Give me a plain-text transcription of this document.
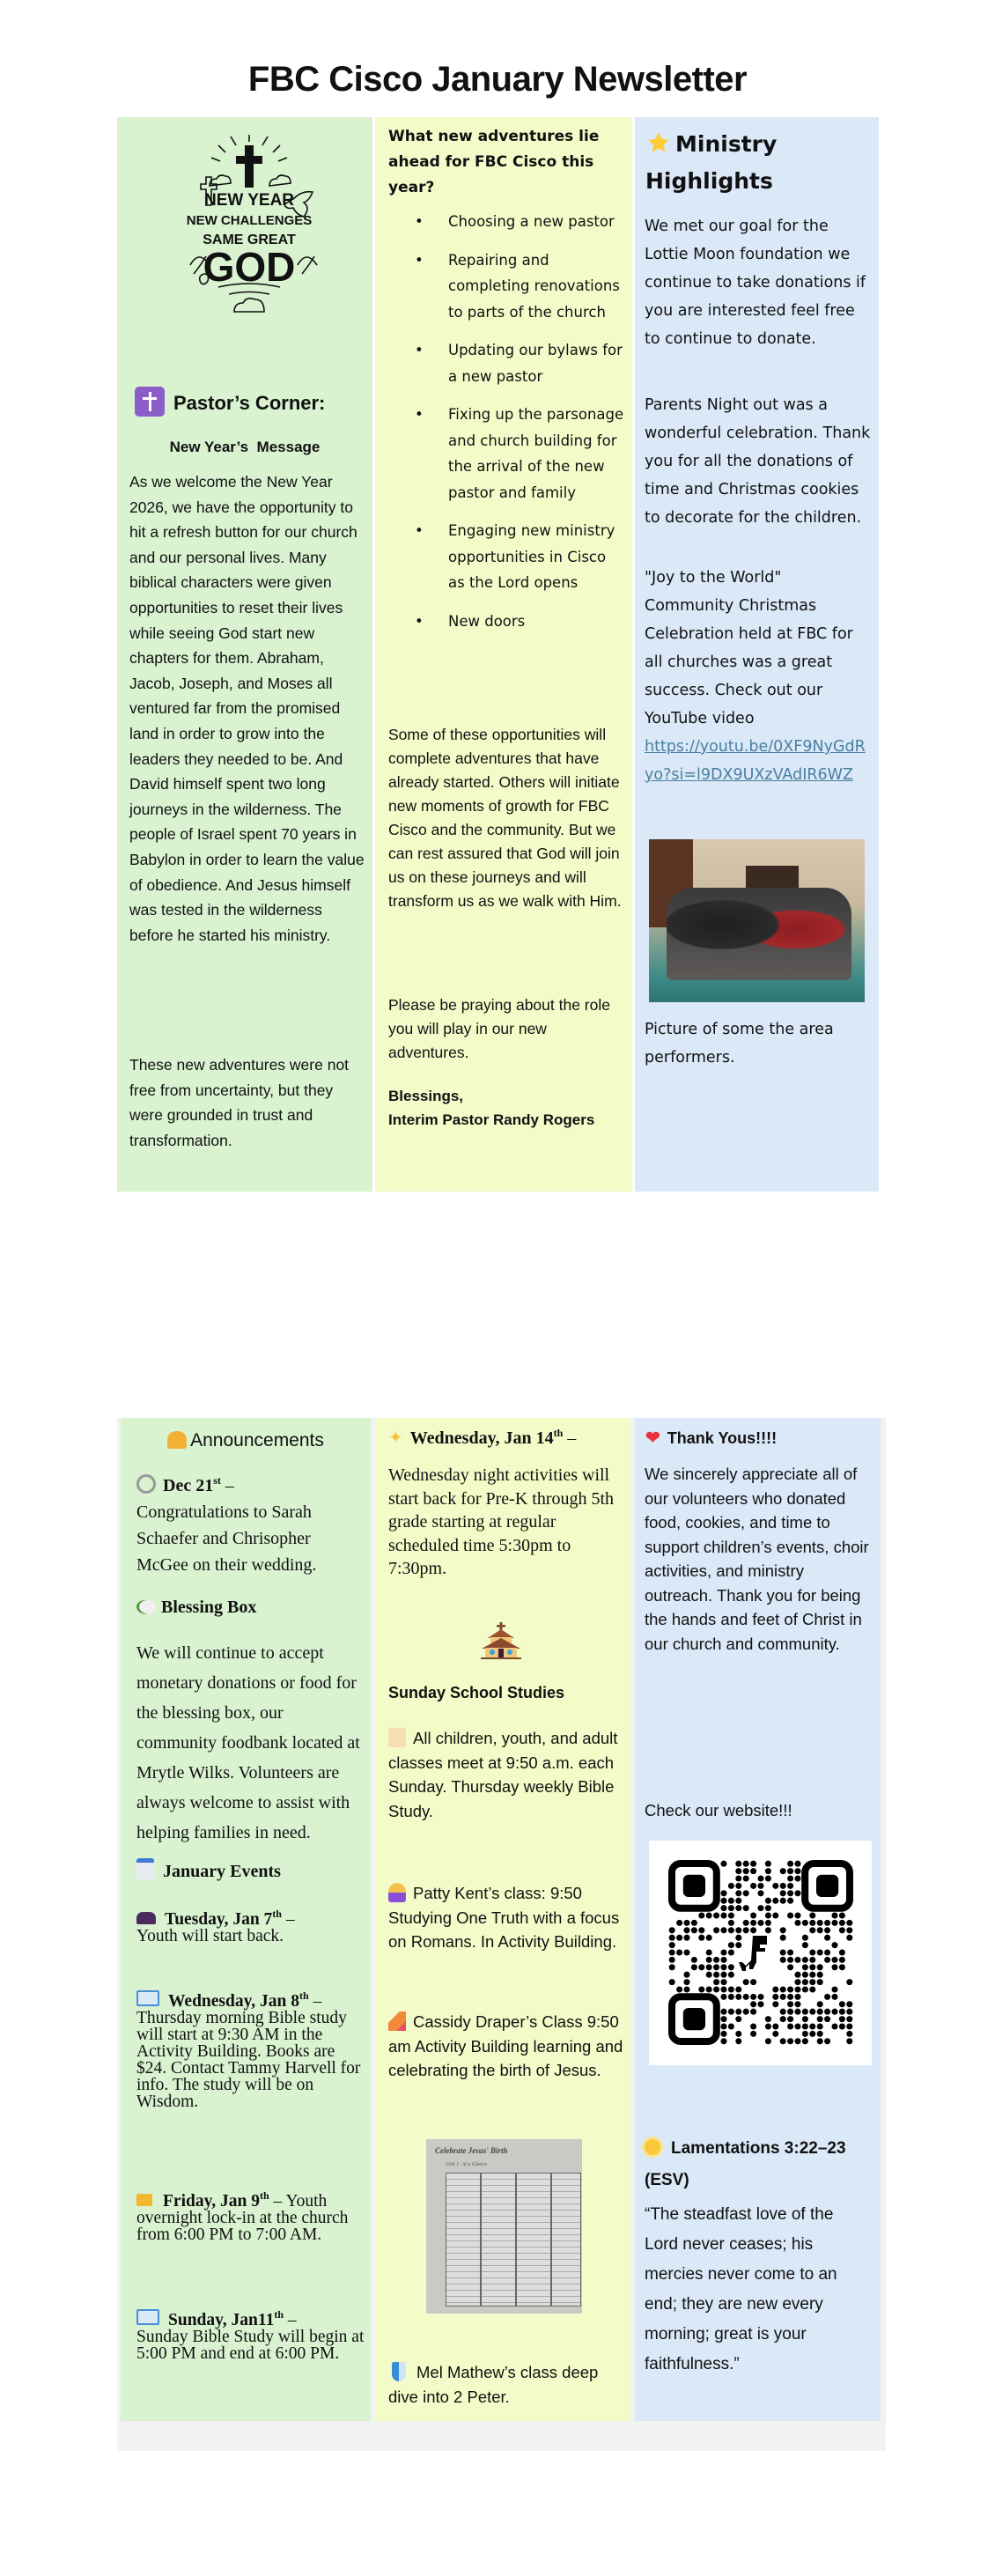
FBC Cisco January Newsletter
NEW YEAR
NEW CHALLENGES
SAME GREAT
GOD
Pastor’s Corner:
New Year’s  Message

As we welcome the New Year 2026, we have the opportunity to hit a refresh button for our church and our personal lives. Many biblical characters were given opportunities to reset their lives while seeing God start new chapters for them. Abraham, Jacob, Joseph, and Moses all ventured far from the promised land in order to grow into the leaders they needed to be. And David himself spent two long journeys in the wilderness. The people of Israel spent 70 years in Babylon in order to learn the value of obedience. And Jesus himself was tested in the wilderness before he started his ministry.

These new adventures were not free from uncertainty, but they were grounded in trust and transformation.

What new adventures lie ahead for FBC Cisco this year?

• Choosing a new pastor
• Repairing and completing renovations to parts of the church
• Updating our bylaws for a new pastor
• Fixing up the parsonage and church building for the arrival of the new pastor and family
• Engaging new ministry opportunities in Cisco as the Lord opens
• New doors

Some of these opportunities will complete adventures that have already started. Others will initiate new moments of growth for FBC Cisco and the community. But we can rest assured that God will join us on these journeys and will transform us as we walk with Him.

Please be praying about the role you will play in our new adventures.

Blessings,
Interim Pastor Randy Rogers
Ministry Highlights

We met our goal for the Lottie Moon foundation we continue to take donations if you are interested feel free to continue to donate.

Parents Night out was a wonderful celebration. Thank you for all the donations of time and Christmas cookies to decorate for the children.

"Joy to the World" Community Christmas Celebration held at FBC for all churches was a great success. Check out our YouTube video

https://youtu.be/0XF9NyGdRyo?si=l9DX9UXzVAdIR6WZ

Picture of some the area performers.

Announcements
Dec 21st –
Congratulations to Sarah Schaefer and Chrisopher McGee on their wedding.
Blessing Box

We will continue to accept monetary donations or food for the blessing box, our community foodbank located at Mrytle Wilks. Volunteers are always welcome to assist with helping families in need.

January Events
Tuesday, Jan 7th –
Youth will start back.
Wednesday, Jan 8th –
Thursday morning Bible study will start at 9:30 AM in the Activity Building. Books are $24. Contact Tammy Harvell for info. The study will be on Wisdom.
Friday, Jan 9th – Youth overnight lock-in at the church from 6:00 PM to 7:00 AM.
Sunday, Jan11th –
Sunday Bible Study will begin at 5:00 PM and end at 6:00 PM.
✦ Wednesday, Jan 14th –

Wednesday night activities will start back for Pre-K through 5th grade starting at regular scheduled time 5:30pm to 7:30pm.

Sunday School Studies

All children, youth, and adult classes meet at 9:50 a.m. each Sunday. Thursday weekly Bible Study.

Patty Kent’s class: 9:50 Studying One Truth with a focus on Romans. In Activity Building.

Cassidy Draper’s Class 9:50 am Activity Building learning and celebrating the birth of Jesus.

Celebrate Jesus' Birth
Unit 1: At a Glance

Mel Mathew’s class deep dive into 2 Peter.

❤ Thank Yous!!!!

We sincerely appreciate all of our volunteers who donated food, cookies, and time to support children’s events, choir activities, and ministry outreach. Thank you for being the hands and feet of Christ in our church and community.

Check our website!!!
Lamentations 3:22–23 (ESV)

“The steadfast love of the Lord never ceases; his mercies never come to an end; they are new every morning; great is your faithfulness.”
